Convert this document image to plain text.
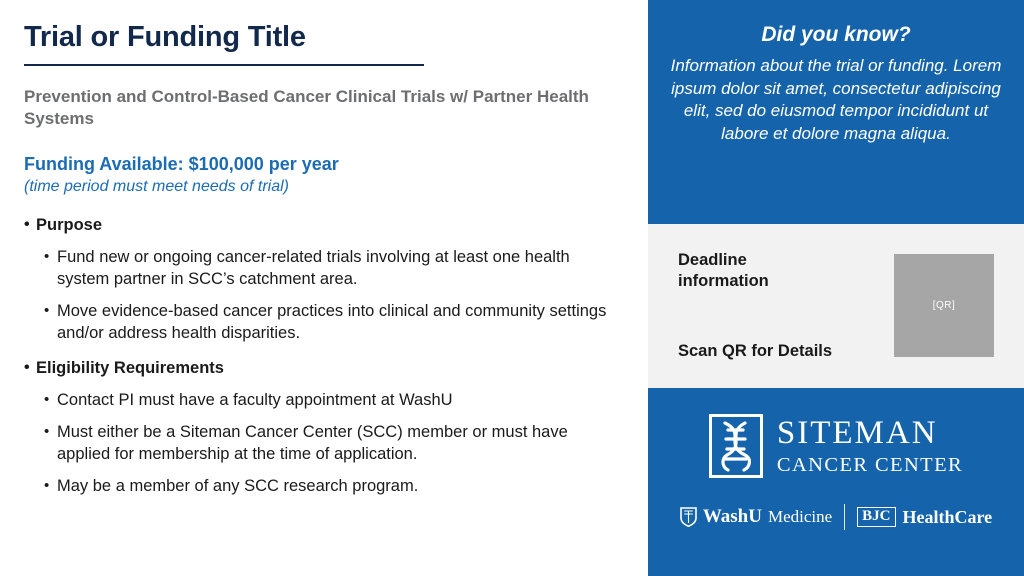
Trial or Funding Title
Prevention and Control-Based Cancer Clinical Trials w/ Partner Health Systems
Funding Available: $100,000 per year
(time period must meet needs of trial)
• Purpose
• Fund new or ongoing cancer-related trials involving at least one health system partner in SCC’s catchment area.
• Move evidence-based cancer practices into clinical and community settings and/or address health disparities.
• Eligibility Requirements
• Contact PI must have a faculty appointment at WashU
• Must either be a Siteman Cancer Center (SCC) member or must have applied for membership at the time of application.
• May be a member of any SCC research program.
Did you know?
Information about the trial or funding. Lorem ipsum dolor sit amet, consectetur adipiscing elit, sed do eiusmod tempor incididunt ut labore et dolore magna aliqua.
Deadline information
Scan QR for Details
[QR]
SITEMAN
CANCER CENTER
WashU Medicine	BJC HealthCare
